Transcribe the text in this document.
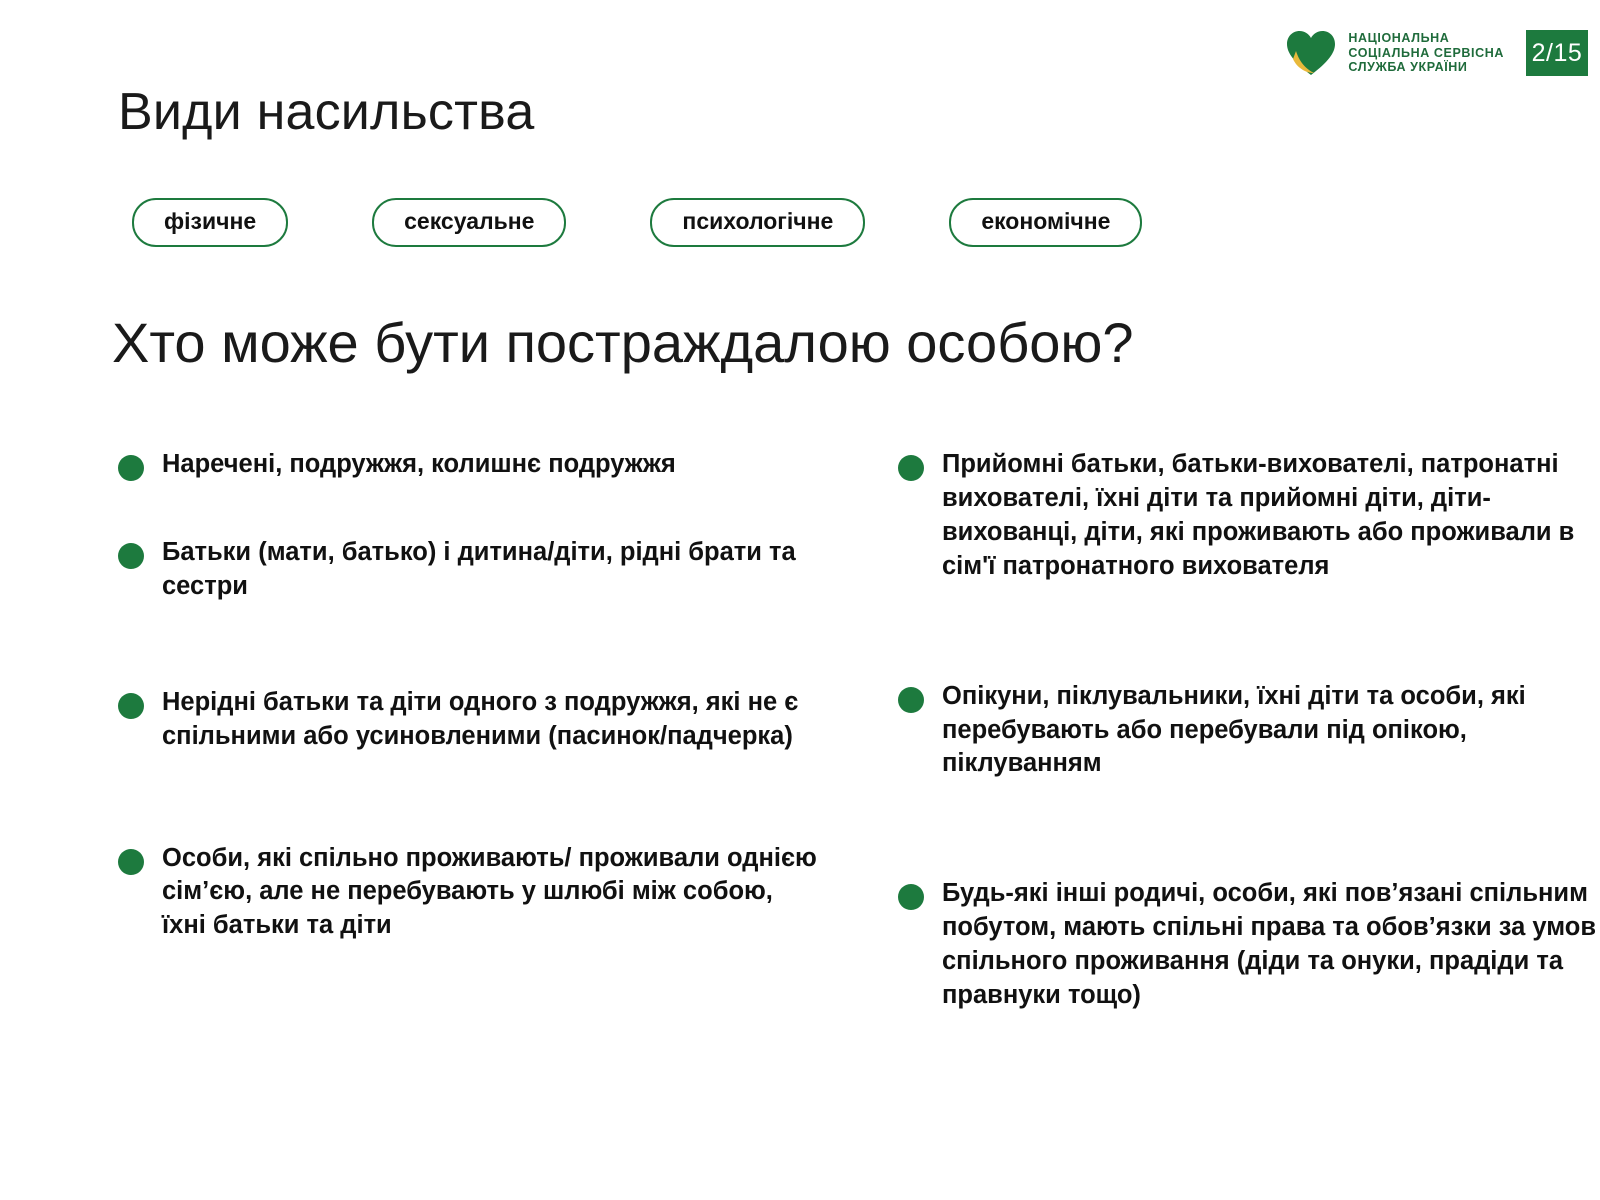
НАЦІОНАЛЬНА
СОЦІАЛЬНА СЕРВІСНА
СЛУЖБА УКРАЇНИ
2/15
Види насильства
фізичне	сексуальне	психологічне	економічне
Хто може бути постраждалою особою?
Наречені, подружжя, колишнє подружжя
Батьки (мати, батько) і дитина/діти, рідні брати та сестри
Нерідні батьки та діти одного з подружжя, які не є спільними або усиновленими (пасинок/падчерка)
Особи, які спільно проживають/ проживали однією сім’єю, але не перебувають у шлюбі між собою, їхні батьки та діти
Прийомні батьки, батьки-вихователі, патронатні вихователі, їхні діти та прийомні діти, діти-вихованці, діти, які проживають або проживали в сім'ї патронатного вихователя
Опікуни, піклувальники, їхні діти та особи, які перебувають або перебували під опікою, піклуванням
Будь-які інші родичі, особи, які пов’язані спільним побутом, мають спільні права та обов’язки за умов спільного проживання (діди та онуки, прадіди та правнуки тощо)
